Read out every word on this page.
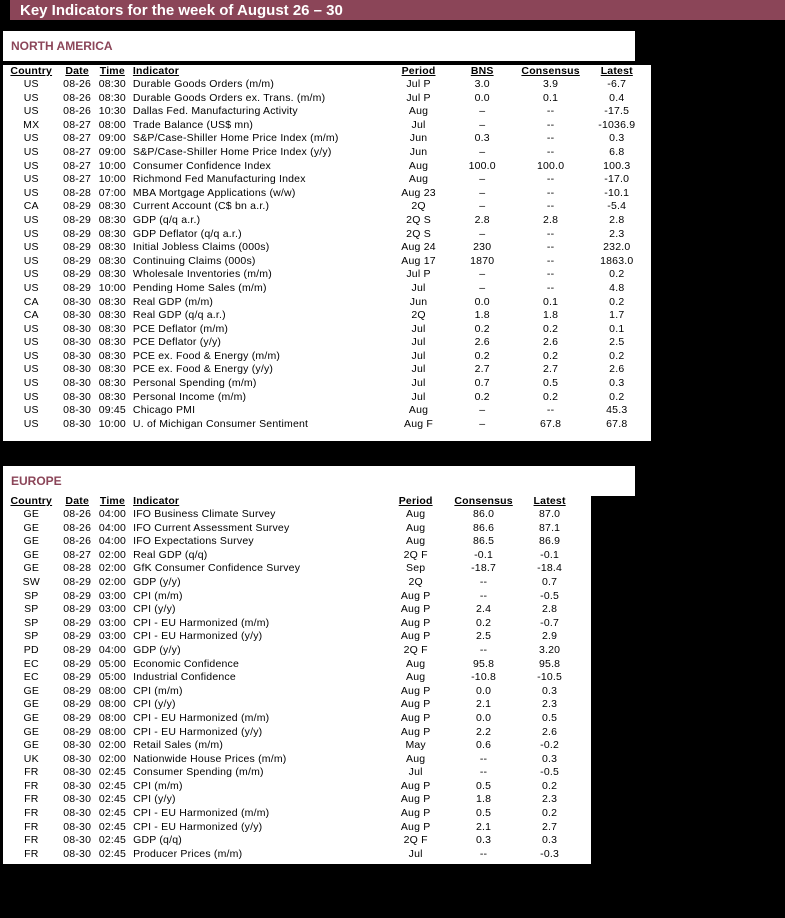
Key Indicators for the week of August 26 – 30
NORTH AMERICA
Country	Date	Time	Indicator	Period	BNS	Consensus	Latest
US	08-26	08:30	Durable Goods Orders (m/m)	Jul P	3.0	3.9	-6.7
US	08-26	08:30	Durable Goods Orders ex. Trans. (m/m)	Jul P	0.0	0.1	0.4
US	08-26	10:30	Dallas Fed. Manufacturing Activity	Aug	–	--	-17.5
MX	08-27	08:00	Trade Balance (US$ mn)	Jul	–	--	-1036.9
US	08-27	09:00	S&P/Case-Shiller Home Price Index (m/m)	Jun	0.3	--	0.3
US	08-27	09:00	S&P/Case-Shiller Home Price Index (y/y)	Jun	–	--	6.8
US	08-27	10:00	Consumer Confidence Index	Aug	100.0	100.0	100.3
US	08-27	10:00	Richmond Fed Manufacturing Index	Aug	–	--	-17.0
US	08-28	07:00	MBA Mortgage Applications (w/w)	Aug 23	–	--	-10.1
CA	08-29	08:30	Current Account (C$ bn a.r.)	2Q	–	--	-5.4
US	08-29	08:30	GDP (q/q a.r.)	2Q S	2.8	2.8	2.8
US	08-29	08:30	GDP Deflator (q/q a.r.)	2Q S	–	--	2.3
US	08-29	08:30	Initial Jobless Claims (000s)	Aug 24	230	--	232.0
US	08-29	08:30	Continuing Claims (000s)	Aug 17	1870	--	1863.0
US	08-29	08:30	Wholesale Inventories (m/m)	Jul P	–	--	0.2
US	08-29	10:00	Pending Home Sales (m/m)	Jul	–	--	4.8
CA	08-30	08:30	Real GDP (m/m)	Jun	0.0	0.1	0.2
CA	08-30	08:30	Real GDP (q/q a.r.)	2Q	1.8	1.8	1.7
US	08-30	08:30	PCE Deflator (m/m)	Jul	0.2	0.2	0.1
US	08-30	08:30	PCE Deflator (y/y)	Jul	2.6	2.6	2.5
US	08-30	08:30	PCE ex. Food & Energy (m/m)	Jul	0.2	0.2	0.2
US	08-30	08:30	PCE ex. Food & Energy (y/y)	Jul	2.7	2.7	2.6
US	08-30	08:30	Personal Spending (m/m)	Jul	0.7	0.5	0.3
US	08-30	08:30	Personal Income (m/m)	Jul	0.2	0.2	0.2
US	08-30	09:45	Chicago PMI	Aug	–	--	45.3
US	08-30	10:00	U. of Michigan Consumer Sentiment	Aug F	–	67.8	67.8
EUROPE
Country	Date	Time	Indicator	Period	Consensus	Latest
GE	08-26	04:00	IFO Business Climate Survey	Aug	86.0	87.0
GE	08-26	04:00	IFO Current Assessment Survey	Aug	86.6	87.1
GE	08-26	04:00	IFO Expectations Survey	Aug	86.5	86.9
GE	08-27	02:00	Real GDP (q/q)	2Q F	-0.1	-0.1
GE	08-28	02:00	GfK Consumer Confidence Survey	Sep	-18.7	-18.4
SW	08-29	02:00	GDP (y/y)	2Q	--	0.7
SP	08-29	03:00	CPI (m/m)	Aug P	--	-0.5
SP	08-29	03:00	CPI (y/y)	Aug P	2.4	2.8
SP	08-29	03:00	CPI - EU Harmonized (m/m)	Aug P	0.2	-0.7
SP	08-29	03:00	CPI - EU Harmonized (y/y)	Aug P	2.5	2.9
PD	08-29	04:00	GDP (y/y)	2Q F	--	3.20
EC	08-29	05:00	Economic Confidence	Aug	95.8	95.8
EC	08-29	05:00	Industrial Confidence	Aug	-10.8	-10.5
GE	08-29	08:00	CPI (m/m)	Aug P	0.0	0.3
GE	08-29	08:00	CPI (y/y)	Aug P	2.1	2.3
GE	08-29	08:00	CPI - EU Harmonized (m/m)	Aug P	0.0	0.5
GE	08-29	08:00	CPI - EU Harmonized (y/y)	Aug P	2.2	2.6
GE	08-30	02:00	Retail Sales (m/m)	May	0.6	-0.2
UK	08-30	02:00	Nationwide House Prices (m/m)	Aug	--	0.3
FR	08-30	02:45	Consumer Spending (m/m)	Jul	--	-0.5
FR	08-30	02:45	CPI (m/m)	Aug P	0.5	0.2
FR	08-30	02:45	CPI (y/y)	Aug P	1.8	2.3
FR	08-30	02:45	CPI - EU Harmonized (m/m)	Aug P	0.5	0.2
FR	08-30	02:45	CPI - EU Harmonized (y/y)	Aug P	2.1	2.7
FR	08-30	02:45	GDP (q/q)	2Q F	0.3	0.3
FR	08-30	02:45	Producer Prices (m/m)	Jul	--	-0.3
